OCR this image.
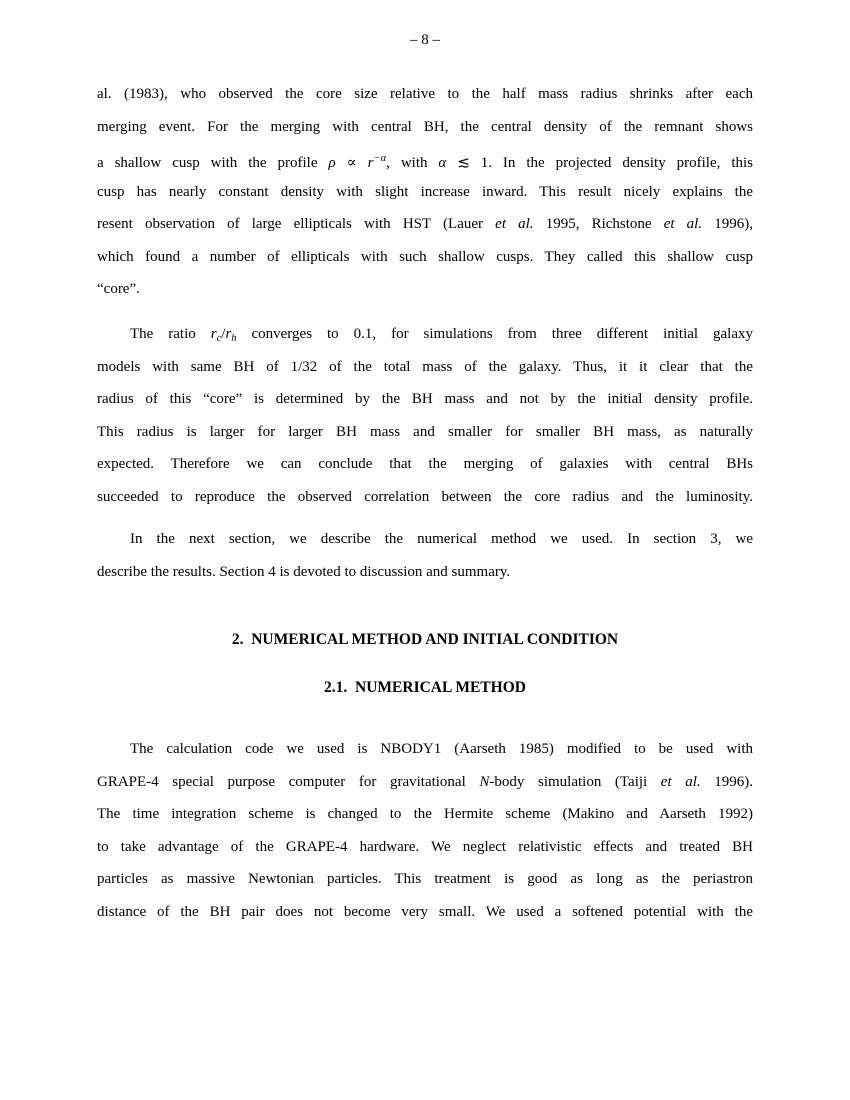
– 8 –
al. (1983), who observed the core size relative to the half mass radius shrinks after each
merging event. For the merging with central BH, the central density of the remnant shows
a shallow cusp with the profile $\rho \propto r^{-\alpha}$, with α ≲ 1. In the projected density profile, this
cusp has nearly constant density with slight increase inward. This result nicely explains the
resent observation of large ellipticals with HST (Lauer et al. 1995, Richstone et al. 1996),
which found a number of ellipticals with such shallow cusps. They called this shallow cusp
“core”.
The ratio $r_c/r_h$ converges to 0.1, for simulations from three different initial galaxy
models with same BH of 1/32 of the total mass of the galaxy. Thus, it it clear that the
radius of this “core” is determined by the BH mass and not by the initial density profile.
This radius is larger for larger BH mass and smaller for smaller BH mass, as naturally
expected. Therefore we can conclude that the merging of galaxies with central BHs
succeeded to reproduce the observed correlation between the core radius and the luminosity.
In the next section, we describe the numerical method we used. In section 3, we
describe the results. Section 4 is devoted to discussion and summary.
2.  NUMERICAL METHOD AND INITIAL CONDITION
2.1.  NUMERICAL METHOD
The calculation code we used is NBODY1 (Aarseth 1985) modified to be used with
GRAPE-4 special purpose computer for gravitational N-body simulation (Taiji et al. 1996).
The time integration scheme is changed to the Hermite scheme (Makino and Aarseth 1992)
to take advantage of the GRAPE-4 hardware. We neglect relativistic effects and treated BH
particles as massive Newtonian particles. This treatment is good as long as the periastron
distance of the BH pair does not become very small. We used a softened potential with the
